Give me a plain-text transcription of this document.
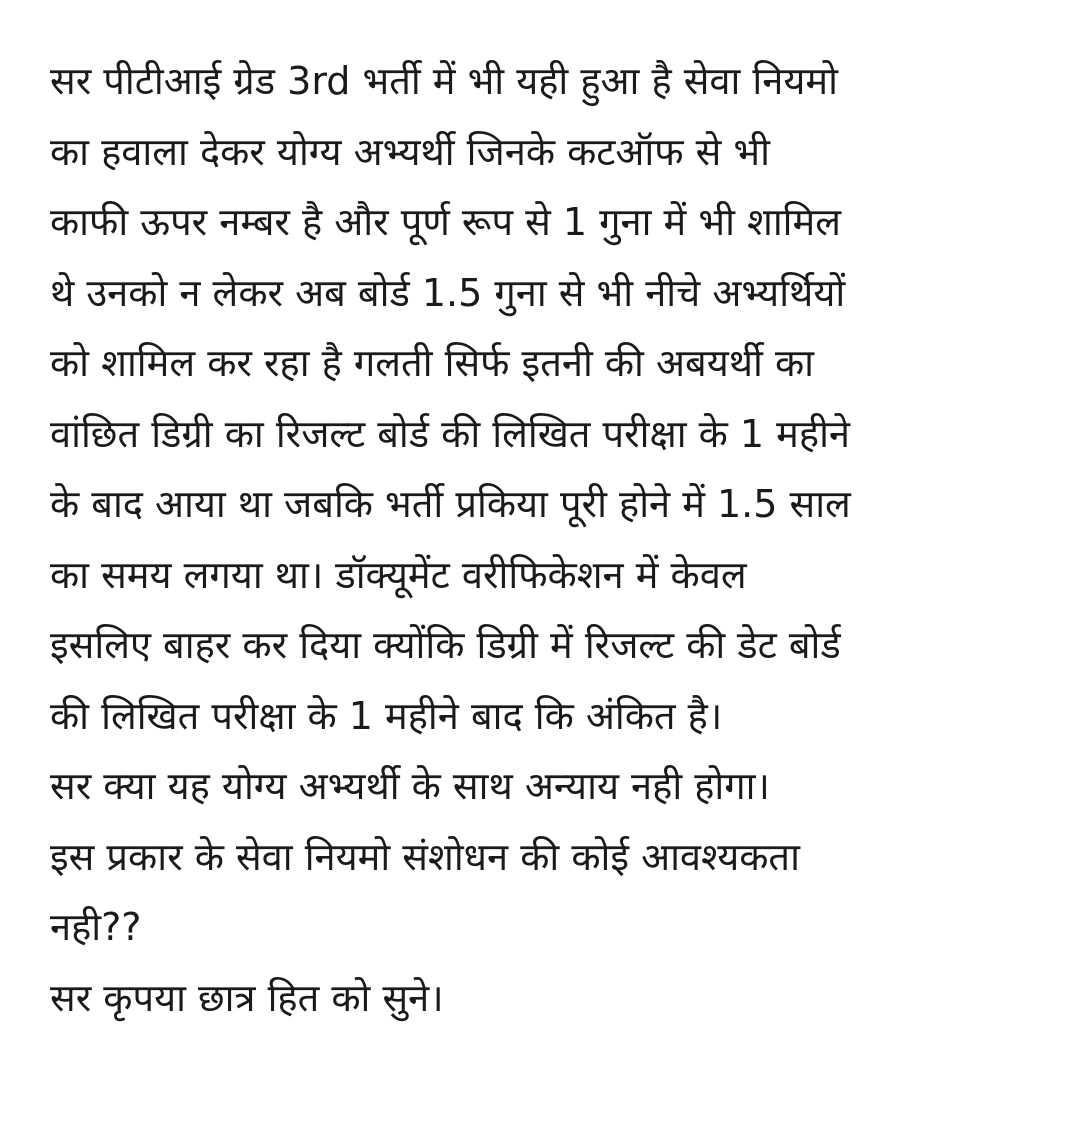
सर पीटीआई ग्रेड 3rd भर्ती में भी यही हुआ है सेवा नियमो
का हवाला देकर योग्य अभ्यर्थी जिनके कटऑफ से भी
काफी ऊपर नम्बर है और पूर्ण रूप से 1 गुना में भी शामिल
थे उनको न लेकर अब बोर्ड 1.5 गुना से भी नीचे अभ्यर्थियों
को शामिल कर रहा है गलती सिर्फ इतनी की अबयर्थी का
वांछित डिग्री का रिजल्ट बोर्ड की लिखित परीक्षा के 1 महीने
के बाद आया था जबकि भर्ती प्रकिया पूरी होने में 1.5 साल
का समय लगया था। डॉक्यूमेंट वरीफिकेशन में केवल
इसलिए बाहर कर दिया क्योंकि डिग्री में रिजल्ट की डेट बोर्ड
की लिखित परीक्षा के 1 महीने बाद कि अंकित है।
सर क्या यह योग्य अभ्यर्थी के साथ अन्याय नही होगा।
इस प्रकार के सेवा नियमो संशोधन की कोई आवश्यकता
नही??
सर कृपया छात्र हित को सुने।
